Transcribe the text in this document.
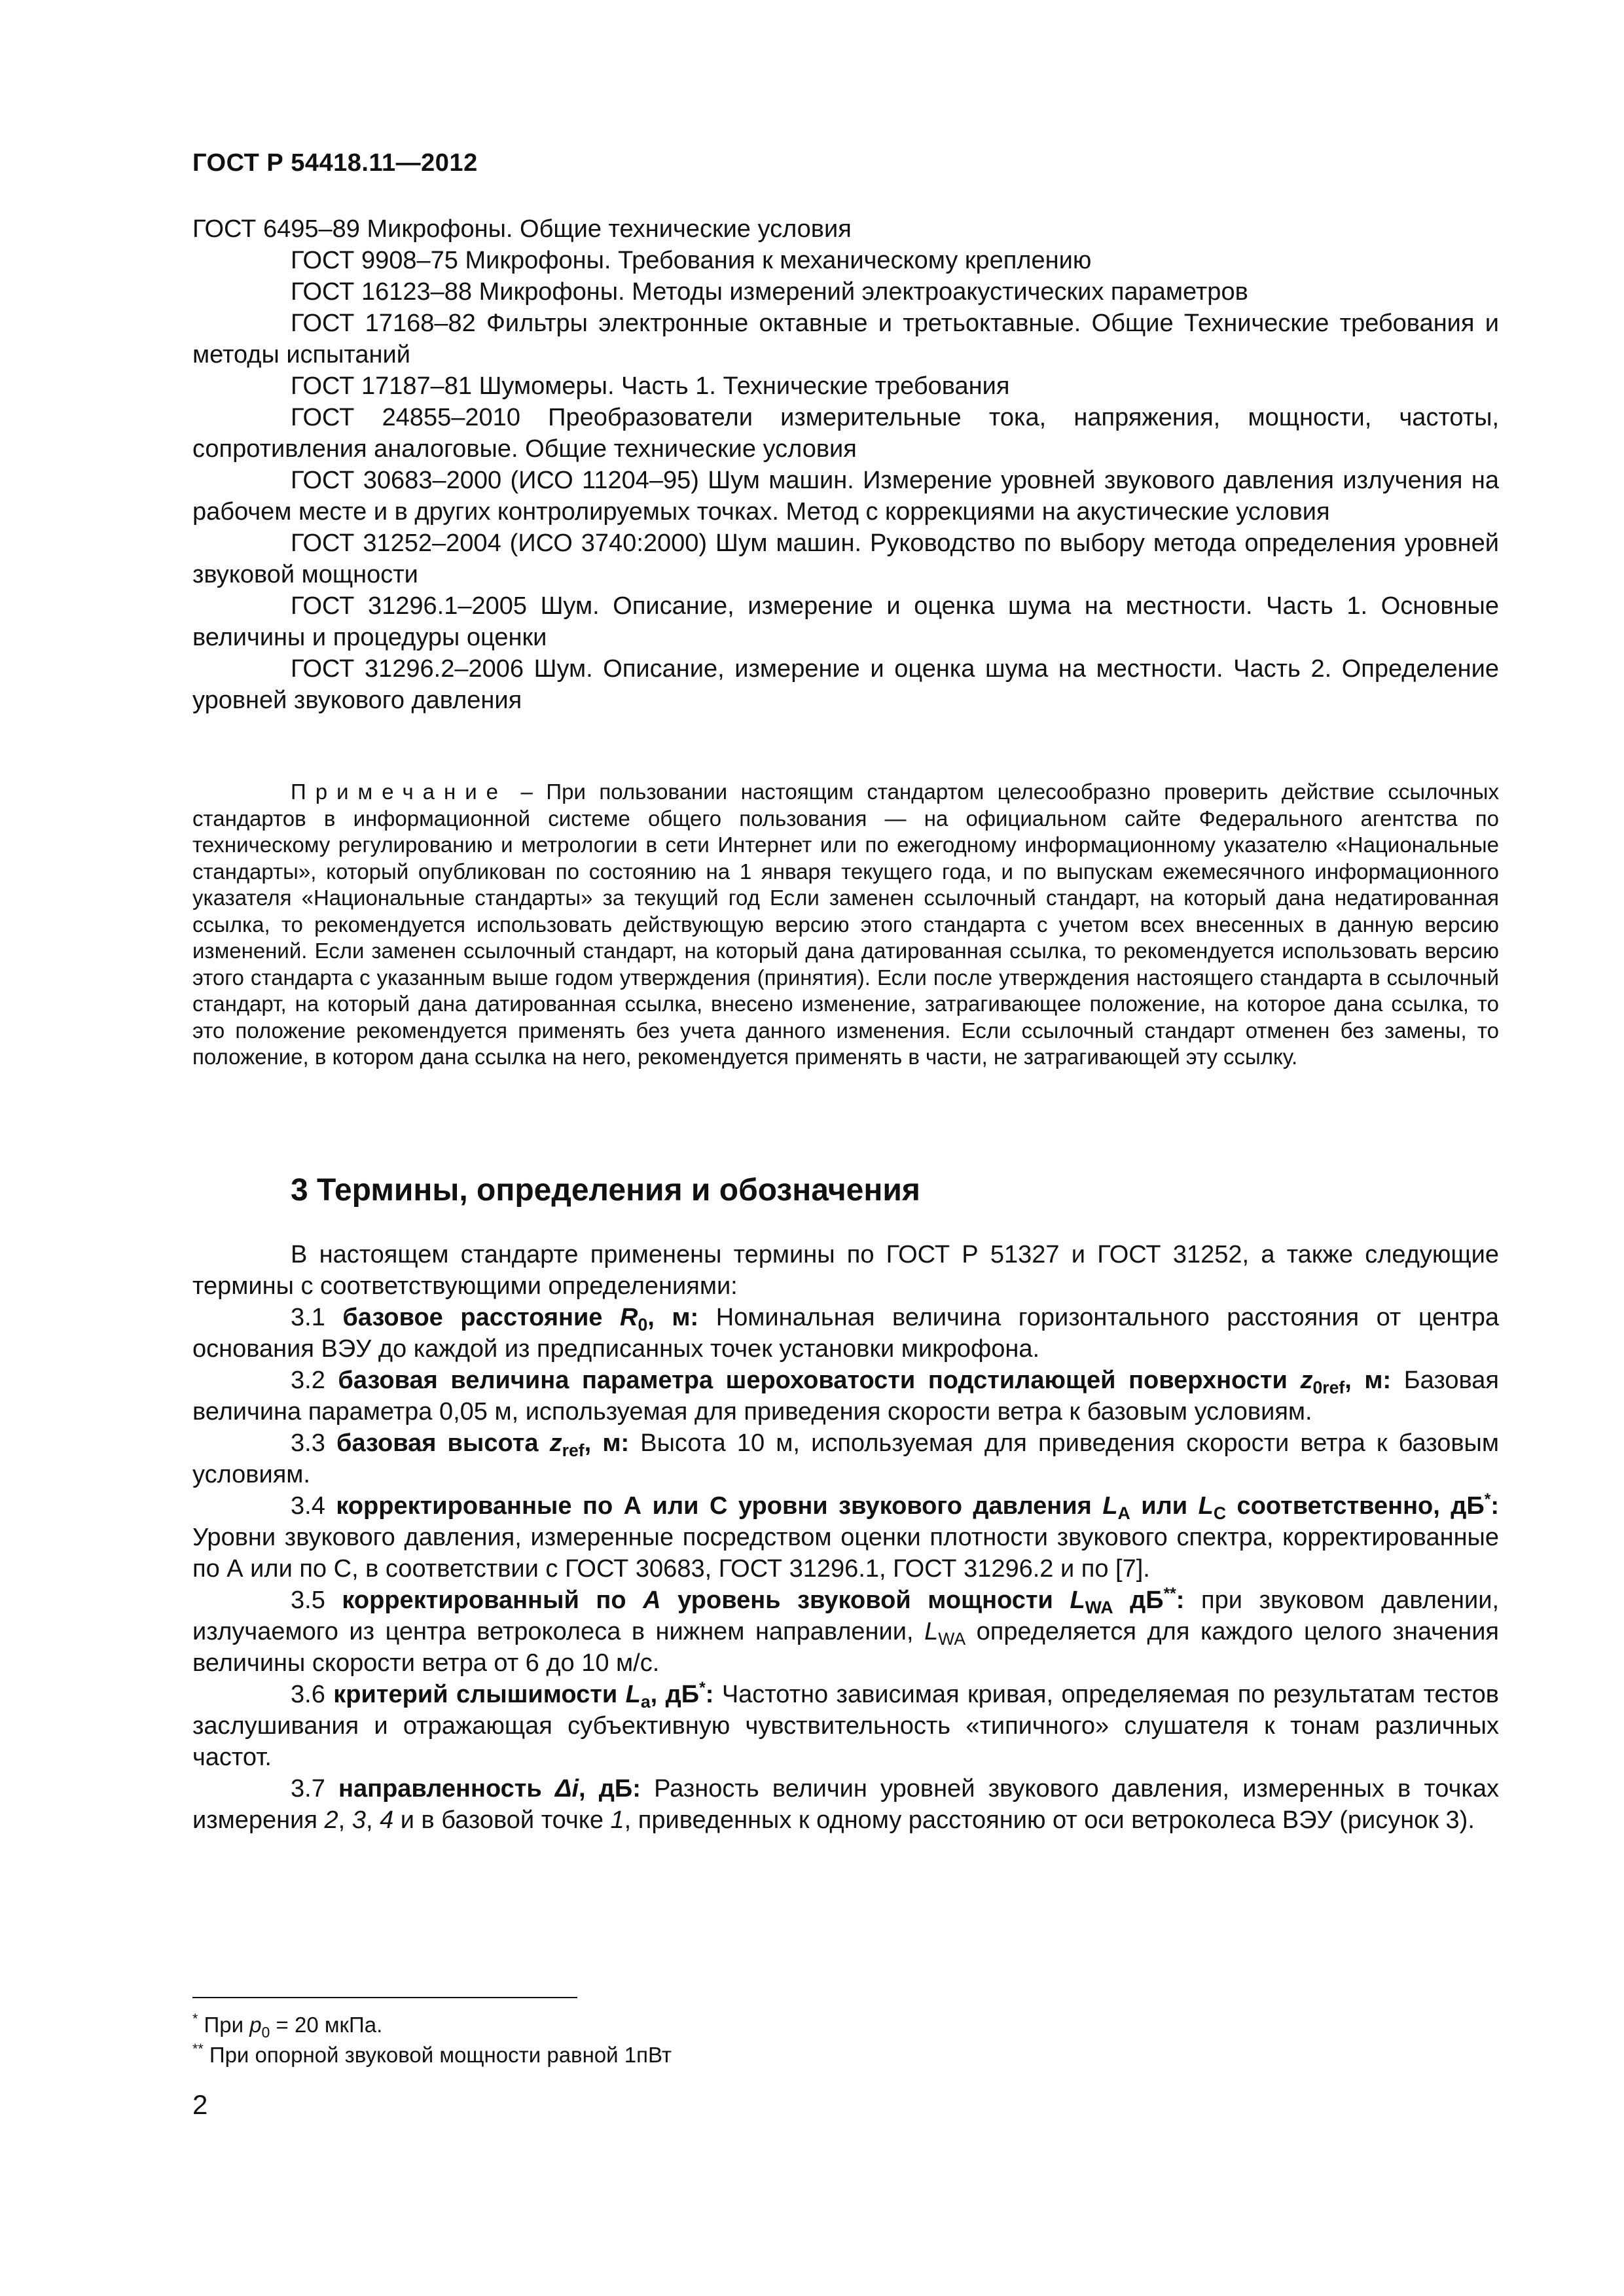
ГОСТ Р 54418.11—2012

ГОСТ 6495–89 Микрофоны. Общие технические условия

ГОСТ 9908–75 Микрофоны. Требования к механическому креплению

ГОСТ 16123–88 Микрофоны. Методы измерений электроакустических параметров

ГОСТ 17168–82 Фильтры электронные октавные и третьоктавные. Общие Технические требования и методы испытаний

ГОСТ 17187–81 Шумомеры. Часть 1. Технические требования

ГОСТ 24855–2010 Преобразователи измерительные тока, напряжения, мощности, частоты, сопротивления аналоговые. Общие технические условия

ГОСТ 30683–2000 (ИСО 11204–95) Шум машин. Измерение уровней звукового давления излучения на рабочем месте и в других контролируемых точках. Метод с коррекциями на акустические условия

ГОСТ 31252–2004 (ИСО 3740:2000) Шум машин. Руководство по выбору метода определения уровней звуковой мощности

ГОСТ 31296.1–2005 Шум. Описание, измерение и оценка шума на местности. Часть 1. Основные величины и процедуры оценки

ГОСТ 31296.2–2006 Шум. Описание, измерение и оценка шума на местности. Часть 2. Определение уровней звукового давления

Примечание – При пользовании настоящим стандартом целесообразно проверить действие ссылочных стандартов в информационной системе общего пользования — на официальном сайте Федерального агентства по техническому регулированию и метрологии в сети Интернет или по ежегодному информационному указателю «Национальные стандарты», который опубликован по состоянию на 1 января текущего года, и по выпускам ежемесячного информационного указателя «Национальные стандарты» за текущий год Если заменен ссылочный стандарт, на который дана недатированная ссылка, то рекомендуется использовать действующую версию этого стандарта с учетом всех внесенных в данную версию изменений. Если заменен ссылочный стандарт, на который дана датированная ссылка, то рекомендуется использовать версию этого стандарта с указанным выше годом утверждения (принятия). Если после утверждения настоящего стандарта в ссылочный стандарт, на который дана датированная ссылка, внесено изменение, затрагивающее положение, на которое дана ссылка, то это положение рекомендуется применять без учета данного изменения. Если ссылочный стандарт отменен без замены, то положение, в котором дана ссылка на него, рекомендуется применять в части, не затрагивающей эту ссылку.

3 Термины, определения и обозначения

В настоящем стандарте применены термины по ГОСТ Р 51327 и ГОСТ 31252, а также следующие термины с соответствующими определениями:

3.1 базовое расстояние $R_0$, м: Номинальная величина горизонтального расстояния от центра основания ВЭУ до каждой из предписанных точек установки микрофона.

3.2 базовая величина параметра шероховатости подстилающей поверхности $z_{0ref}$, м: Базовая величина параметра 0,05 м, используемая для приведения скорости ветра к базовым условиям.

3.3 базовая высота $z_{ref}$, м: Высота 10 м, используемая для приведения скорости ветра к базовым условиям.

3.4 корректированные по А или С уровни звукового давления $L_A$ или $L_C$ соответственно, дБ*: Уровни звукового давления, измеренные посредством оценки плотности звукового спектра, корректированные по А или по С, в соответствии с ГОСТ 30683, ГОСТ 31296.1, ГОСТ 31296.2 и по [7].

3.5 корректированный по А уровень звуковой мощности $L_{WA}$ дБ**: при звуковом давлении, излучаемого из центра ветроколеса в нижнем направлении, $L_{WA}$ определяется для каждого целого значения величины скорости ветра от 6 до 10 м/с.

3.6 критерий слышимости $L_a$, дБ*: Частотно зависимая кривая, определяемая по результатам тестов заслушивания и отражающая субъективную чувствительность «типичного» слушателя к тонам различных частот.

3.7 направленность Δi, дБ: Разность величин уровней звукового давления, измеренных в точках измерения 2, 3, 4 и в базовой точке 1, приведенных к одному расстоянию от оси ветроколеса ВЭУ (рисунок 3).

* При $p_0 = 20$ мкПа.
** При опорной звуковой мощности равной 1пВт
2
